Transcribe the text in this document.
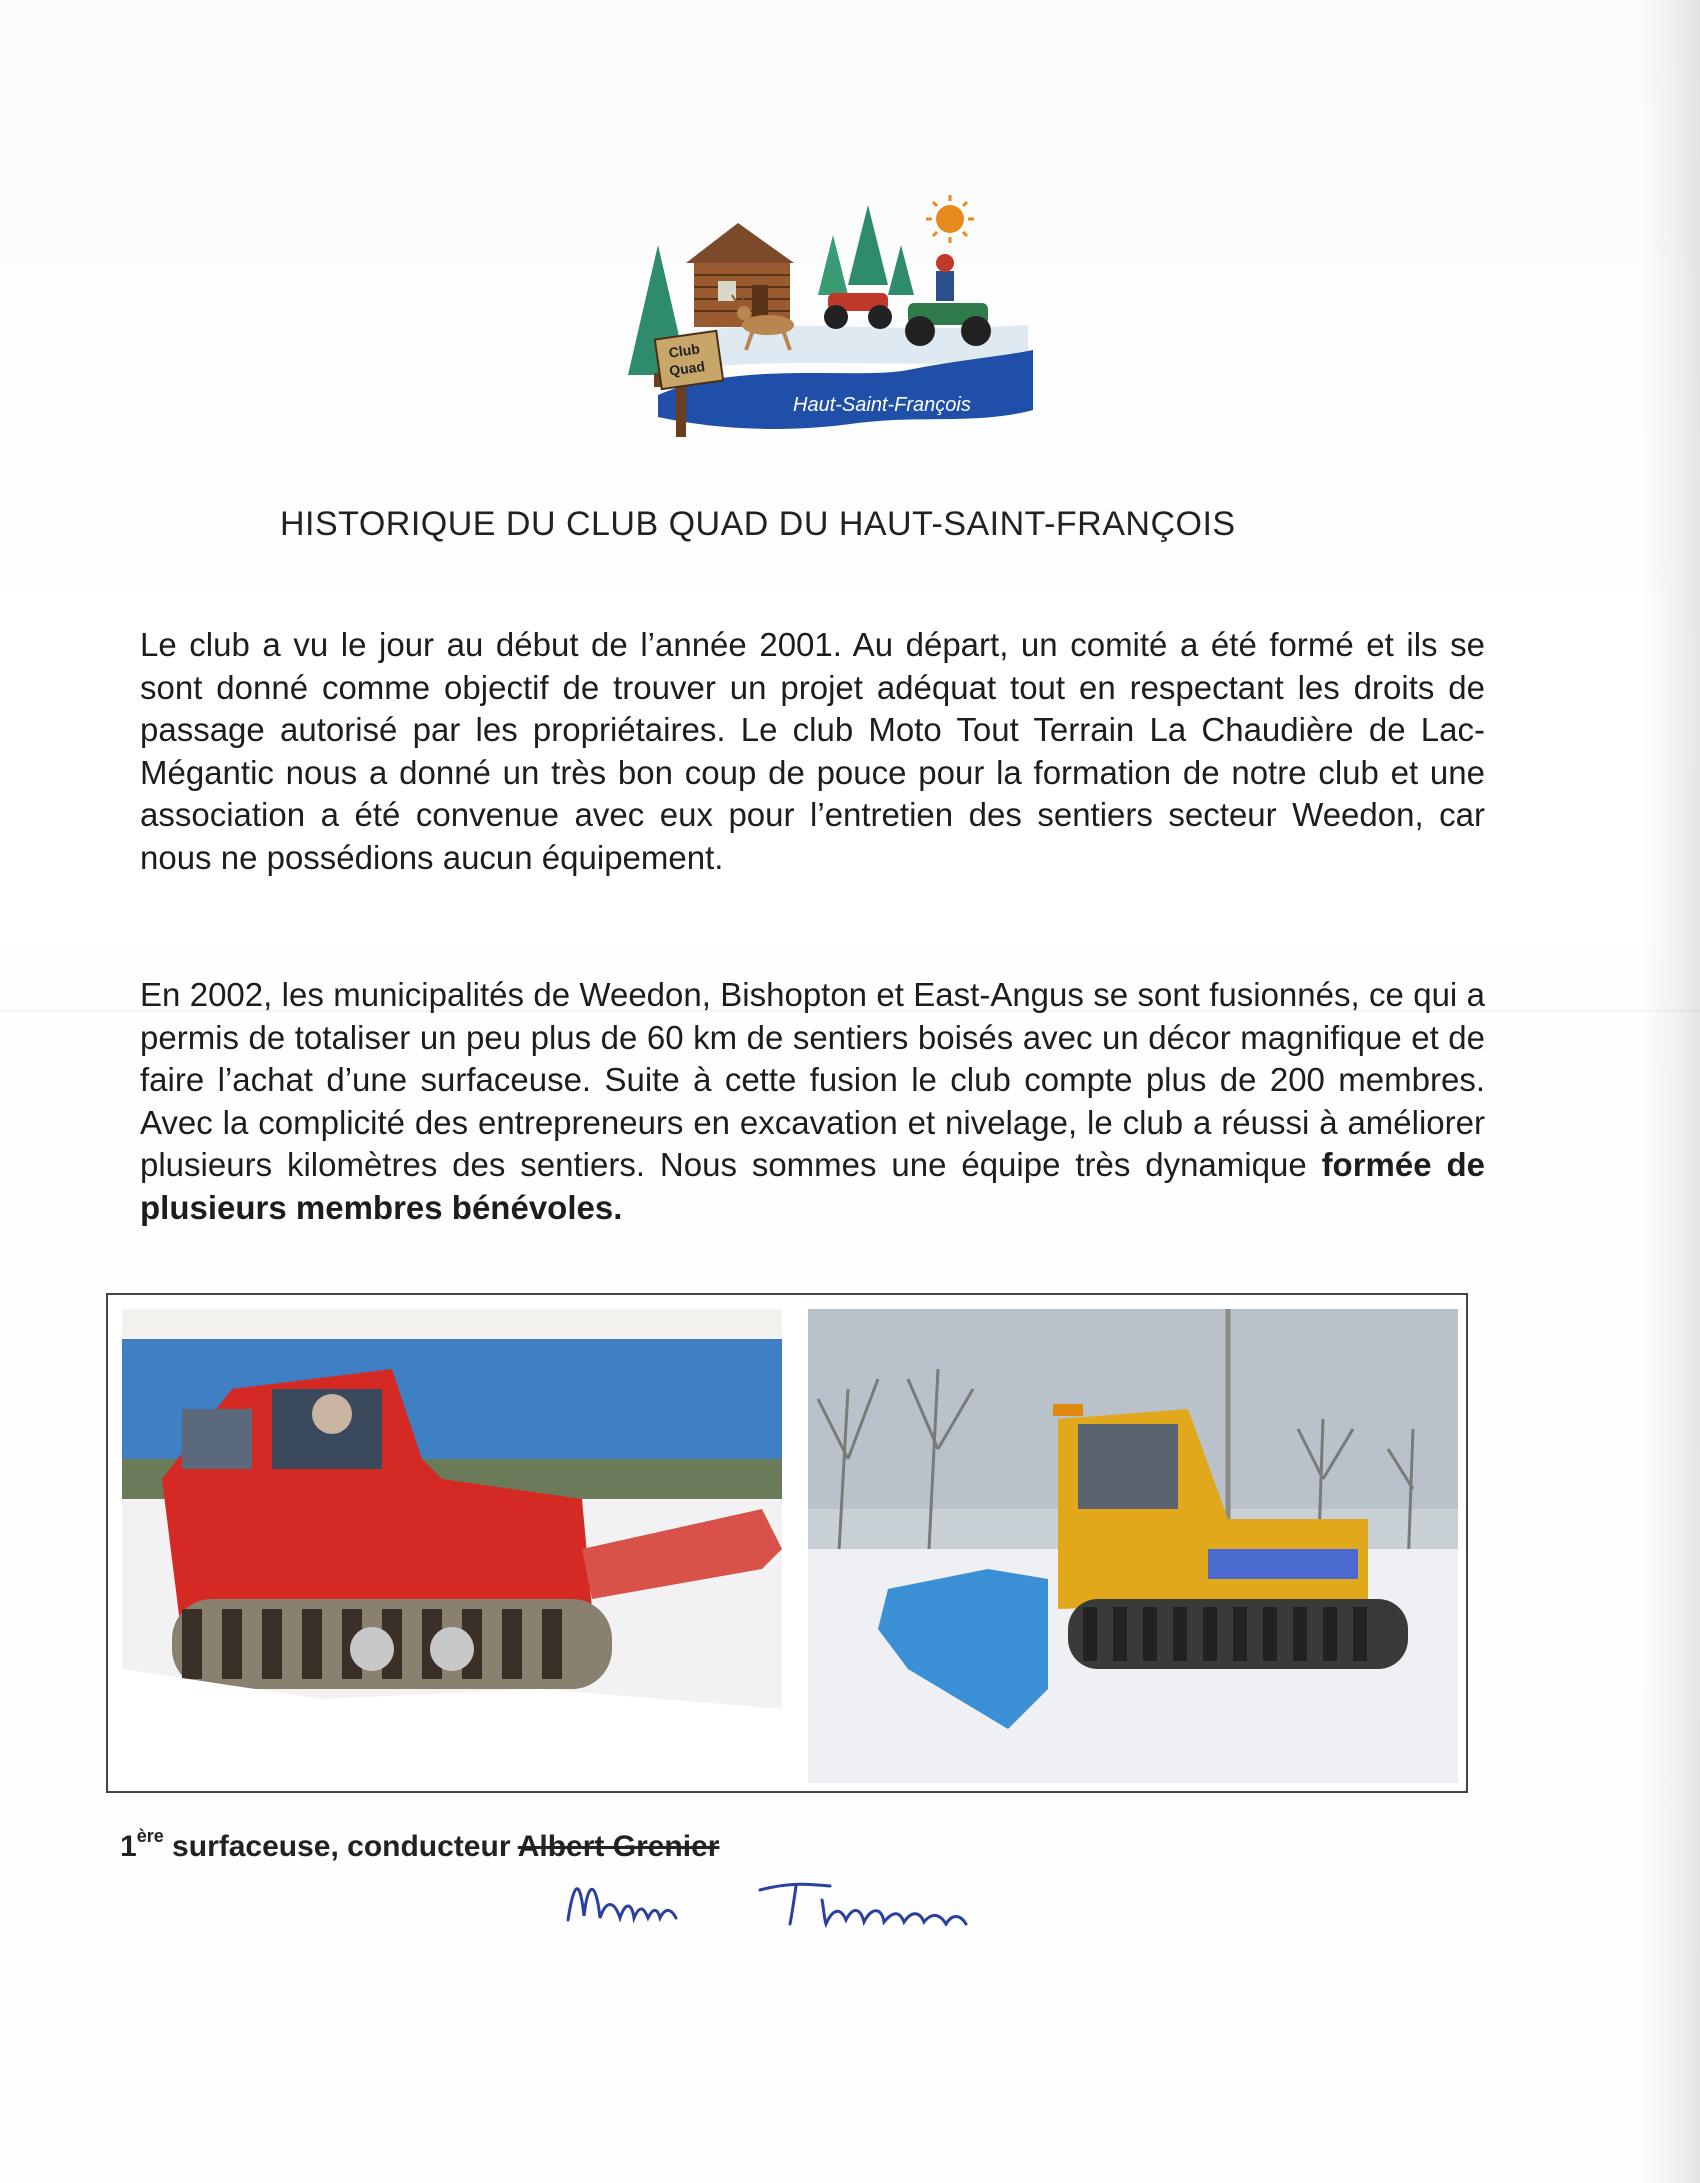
Haut-Saint-François
Club
Quad
HISTORIQUE DU CLUB QUAD DU HAUT-SAINT-FRANÇOIS

Le club a vu le jour au début de l’année 2001. Au départ, un comité a été formé et ils se sont donné comme objectif de trouver un projet adéquat tout en respectant les droits de passage autorisé par les propriétaires. Le club Moto Tout Terrain La Chaudière de Lac-Mégantic nous a donné un très bon coup de pouce pour la formation de notre club et une association a été convenue avec eux pour l’entretien des sentiers secteur Weedon, car nous ne possédions aucun équipement.

En 2002, les municipalités de Weedon, Bishopton et East-Angus se sont fusionnés, ce qui a permis de totaliser un peu plus de 60 km de sentiers boisés avec un décor magnifique et de faire l’achat d’une surfaceuse. Suite à cette fusion le club compte plus de 200 membres. Avec la complicité des entrepreneurs en excavation et nivelage, le club a réussi à améliorer plusieurs kilomètres des sentiers. Nous sommes une équipe très dynamique formée de plusieurs membres bénévoles.

1ère surfaceuse, conducteur Albert Grenier
